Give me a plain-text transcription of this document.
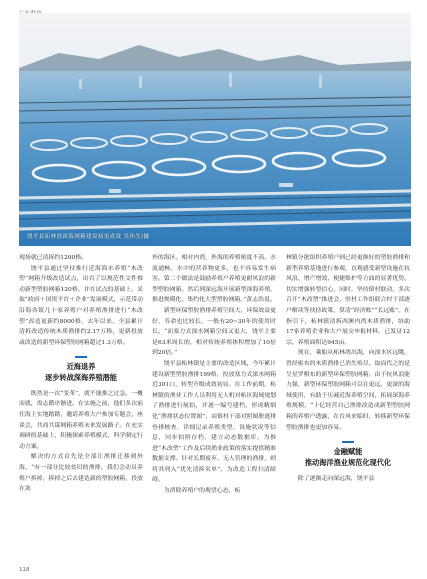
饶平县拓林湾深海网箱建设初见成效 吴伟生/摄

现场就已清拆约1200格。

饶平县通过坚持推行近海海水养殖“木改塑”网箱升级改造试点，出台了以规范性文件推动新型塑胶网箱120格、并在试点的基础上，采取“政府＋国资平台＋企业”发展模式，示范带动沿海各镇几十家养殖户对养殖渔排进行“木改塑”改造更新约8000格，去年以来，全县累计清拆改造传统木质渔排约2.17万格，更新投放或改造的新型环保塑胶网箱超过1.3万格。

近海退养
逐步转战深海养殖潜能

既然是一次“变革”，就不能推之过急，一概而就，需志循序渐进。在实施之前，他们多次前往海上实地踏勘，邀请养殖大户参加专题会，座谈会，共商共谋网箱养殖未来发展路子。在充实调研的基础上，积极探索养殖模式，科学制定行动方案。

解决的方式首先是全部让渔排迁移到外海，“有一部分比较贫旧的渔排，我们会动员养殖户拆掉，拆掉之后去建造新的塑胶网箱，投放在塞

外的海区。相对内湾，外海的养殖密度不高，水流通畅，水中的营养物更多，也不容易发生病害。第二个做法是鼓励养殖户养殖更耐风浪的新型塑胶网箱。然后到深远海开展新型深海养殖，推进规模化、集约化大型塑胶网箱。”黄志浩说。

新型环保塑胶渔排养殖空间大，环保效益更好，寿命也比较长。一般有20~30年的使用时长。“而塞力式深水网箱空间又更大，饶平主要是63米周长的，相对传统养殖体积增加了10倍到20倍。”

饶平县柘林镇是主要的改造区域，今年累计建设新型塑胶渔排199格，投放塞力式深水网箱近301口，转型升级成效初显。在工作前期，柘林镇的渔业工作人员利用无人机对柘区海域规划了渔排进行航拍，并逐一编号建档，形成精细化“渔排状态位置图”，由镇村干部对照图册逐排登排核查，详细记录养殖类型、设施状况等信息，同步拍照存档，建立动态数据库，为推进“木改塑”工作及后续渔业政策的落实提供精准数据支撑。针对长期废弃、无人管理的渔排，则将其列入“优先清拆名单”，为改造工程扫清障碍。

为消除养殖户的观望心态，柘

林镇分批组织养殖户到已经更换好的塑胶渔排和新型养殖基地进行参观，直观感受新型设施在抗风浪、增产增效、便捷维护等方面的显著优势。切实增强转型信心。同时，坚持镇村联动，多次召开“木改塑”推进会，驻村工作组联合村干部逐户解读等扶持政策，算清“经济账”“长远账”。在指引下，柘林镇清拆西澳内湾木质渔排，协助17家养殖企业和大户展交申报材料，已发证12宗，养殖面积达945亩。

现在，乘船从柘林湾出海，向深水区远眺，曾经密布的木质渔排已消失殆尽，取而代之的是呈星罗棋布的新型环保塑胶网箱。由于抗风浪能力强，新型环保塑胶网箱可以在更远、更深的海域使用，有助于压减近海养殖空间，拓展深海养殖规模，“十亿经营自己渔排改造成新型塑胶网箱的养殖户透露，在台风来临时，转移新型环保塑胶渔排也更加容易。

金融赋能
推动海洋渔业规范化现代化

除了逐渐走向深远海，饶平县

118
